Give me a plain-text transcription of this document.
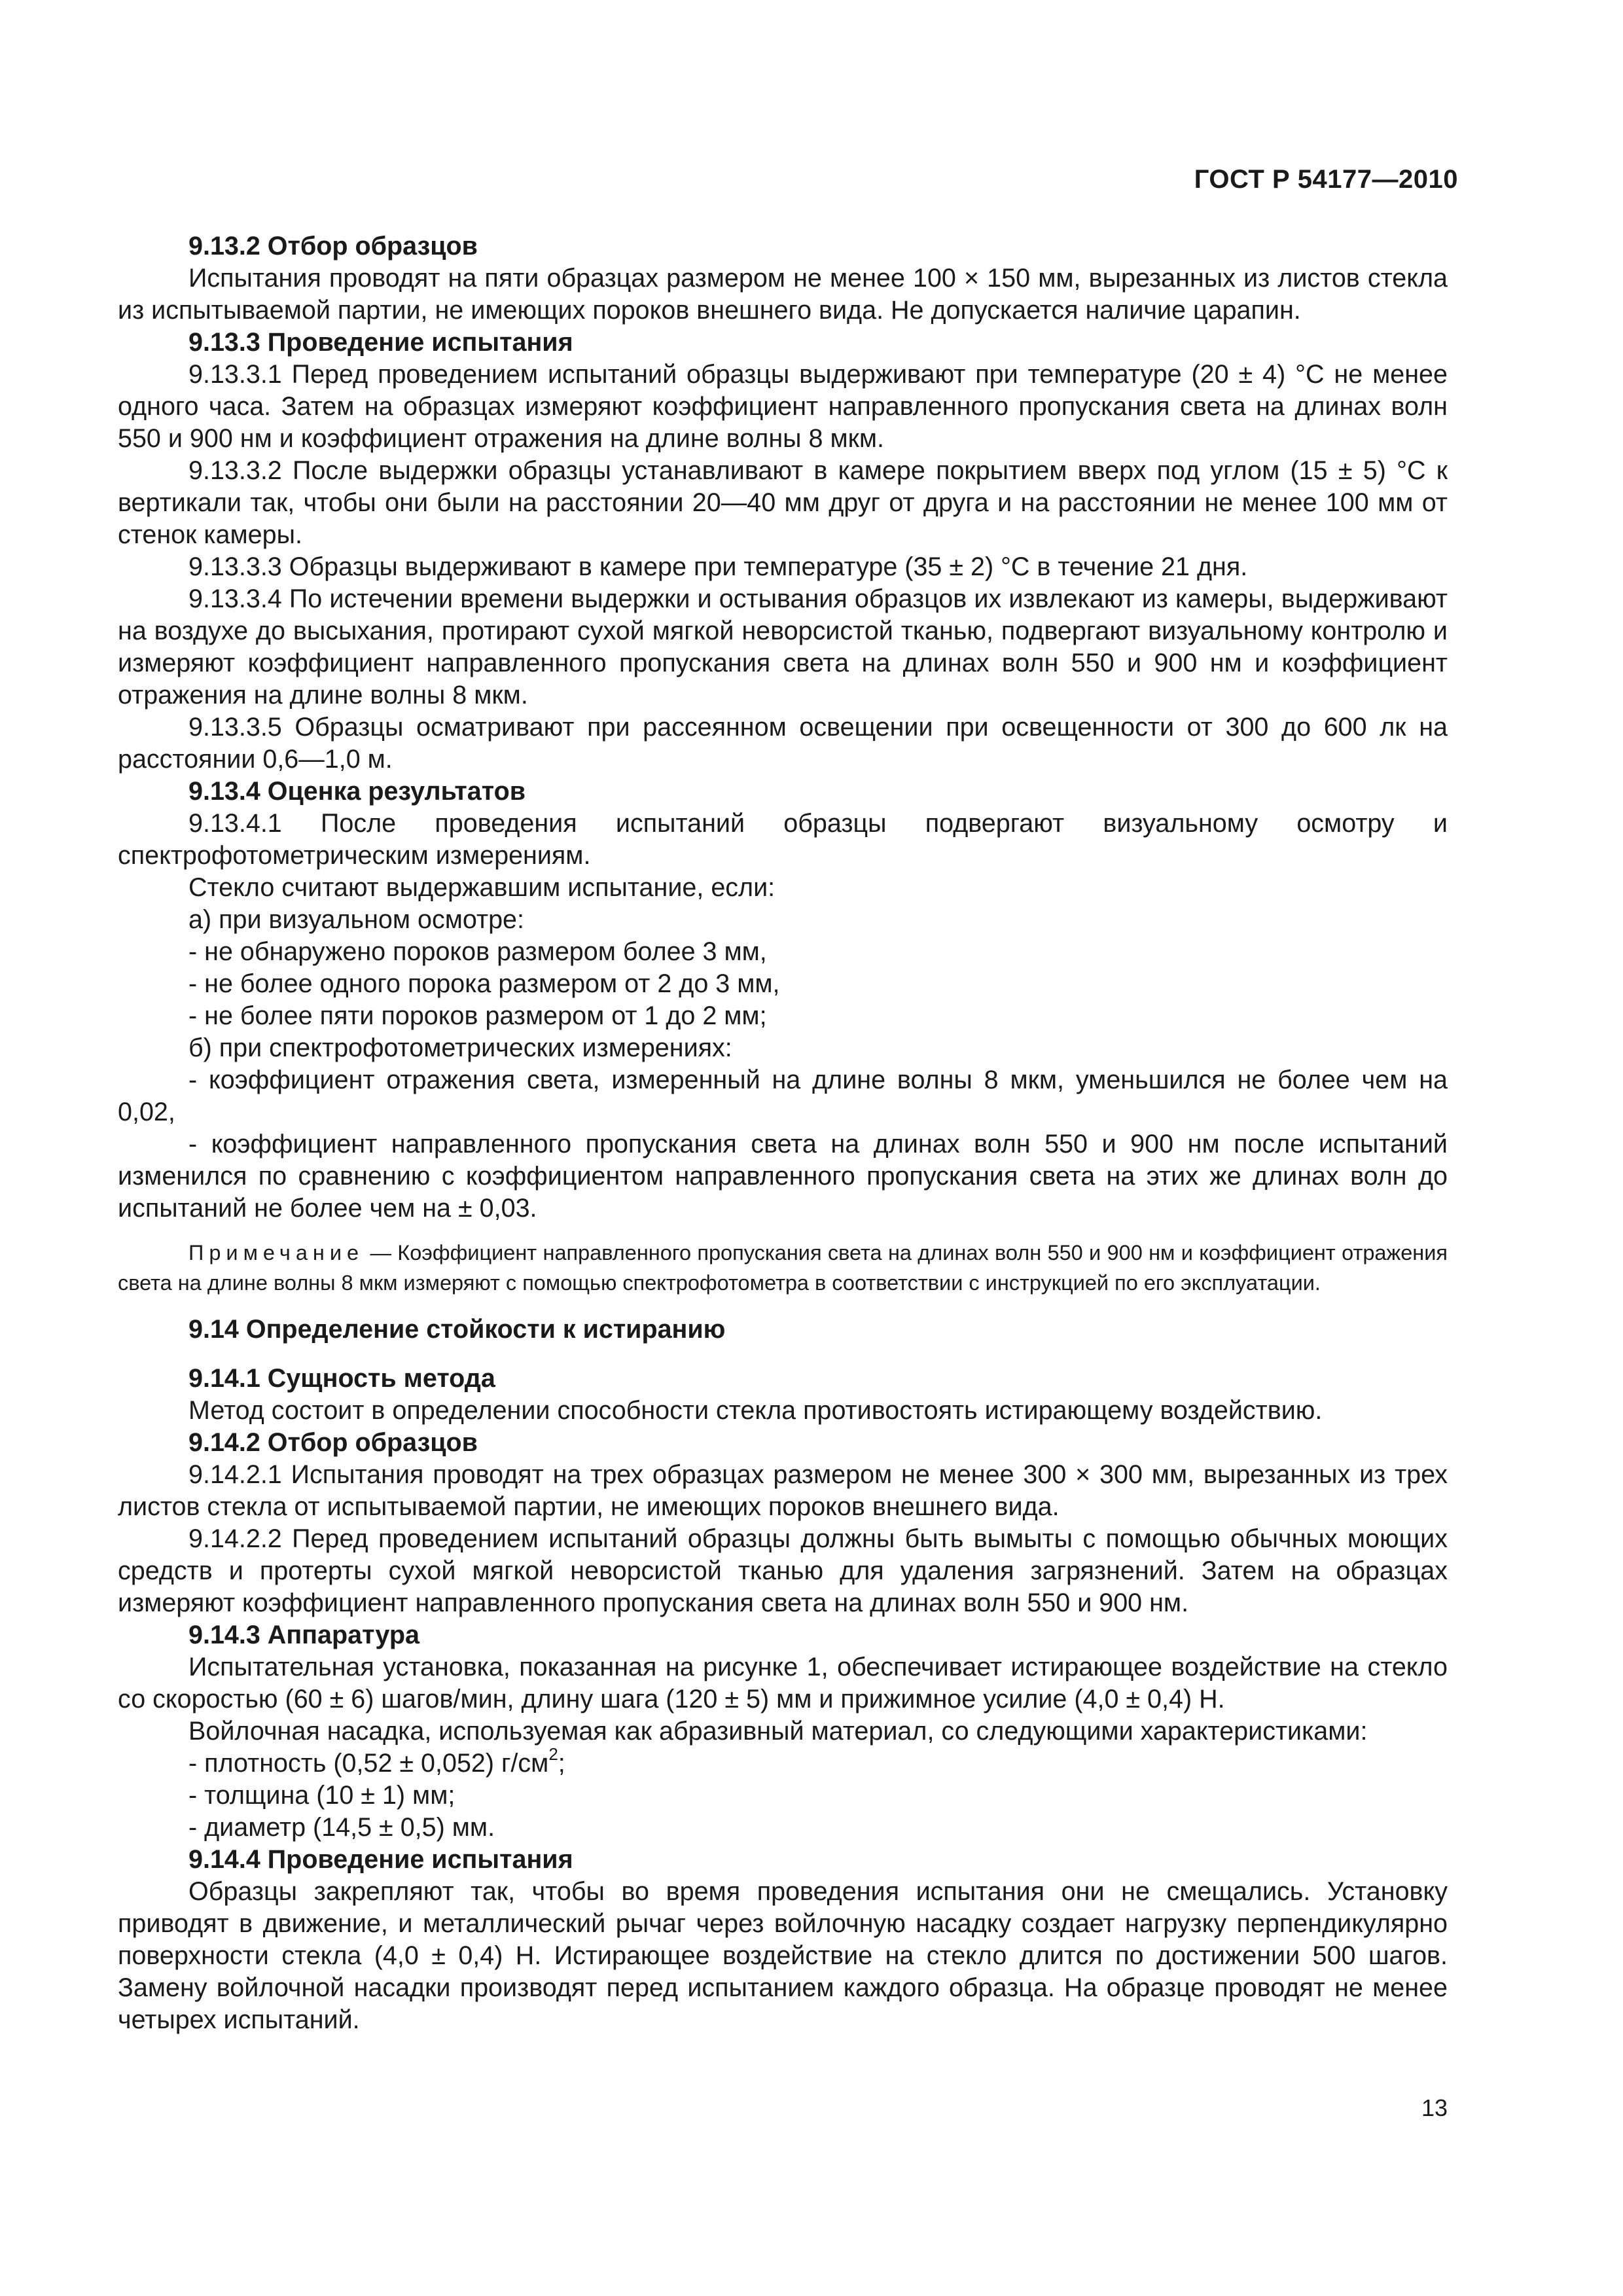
ГОСТ Р 54177—2010

9.13.2 Отбор образцов

Испытания проводят на пяти образцах размером не менее 100 × 150 мм, вырезанных из листов стекла из испытываемой партии, не имеющих пороков внешнего вида. Не допускается наличие царапин.

9.13.3 Проведение испытания

9.13.3.1 Перед проведением испытаний образцы выдерживают при температуре (20 ± 4) °С не менее одного часа. Затем на образцах измеряют коэффициент направленного пропускания света на длинах волн 550 и 900 нм и коэффициент отражения на длине волны 8 мкм.

9.13.3.2 После выдержки образцы устанавливают в камере покрытием вверх под углом (15 ± 5) °С к вертикали так, чтобы они были на расстоянии 20—40 мм друг от друга и на расстоянии не менее 100 мм от стенок камеры.

9.13.3.3 Образцы выдерживают в камере при температуре (35 ± 2) °С в течение 21 дня.

9.13.3.4 По истечении времени выдержки и остывания образцов их извлекают из камеры, выдерживают на воздухе до высыхания, протирают сухой мягкой неворсистой тканью, подвергают визуальному контролю и измеряют коэффициент направленного пропускания света на длинах волн 550 и 900 нм и коэффициент отражения на длине волны 8 мкм.

9.13.3.5 Образцы осматривают при рассеянном освещении при освещенности от 300 до 600 лк на расстоянии 0,6—1,0 м.

9.13.4 Оценка результатов

9.13.4.1 После проведения испытаний образцы подвергают визуальному осмотру и спектрофотометрическим измерениям.

Стекло считают выдержавшим испытание, если:

а) при визуальном осмотре:

- не обнаружено пороков размером более 3 мм,

- не более одного порока размером от 2 до 3 мм,

- не более пяти пороков размером от 1 до 2 мм;

б) при спектрофотометрических измерениях:

- коэффициент отражения света, измеренный на длине волны 8 мкм, уменьшился не более чем на 0,02,

- коэффициент направленного пропускания света на длинах волн 550 и 900 нм после испытаний изменился по сравнению с коэффициентом направленного пропускания света на этих же длинах волн до испытаний не более чем на ± 0,03.

Примечание — Коэффициент направленного пропускания света на длинах волн 550 и 900 нм и коэффициент отражения света на длине волны 8 мкм измеряют с помощью спектрофотометра в соответствии с инструкцией по его эксплуатации.

9.14 Определение стойкости к истиранию

9.14.1 Сущность метода

Метод состоит в определении способности стекла противостоять истирающему воздействию.

9.14.2 Отбор образцов

9.14.2.1 Испытания проводят на трех образцах размером не менее 300 × 300 мм, вырезанных из трех листов стекла от испытываемой партии, не имеющих пороков внешнего вида.

9.14.2.2 Перед проведением испытаний образцы должны быть вымыты с помощью обычных моющих средств и протерты сухой мягкой неворсистой тканью для удаления загрязнений. Затем на образцах измеряют коэффициент направленного пропускания света на длинах волн 550 и 900 нм.

9.14.3 Аппаратура

Испытательная установка, показанная на рисунке 1, обеспечивает истирающее воздействие на стекло со скоростью (60 ± 6) шагов/мин, длину шага (120 ± 5) мм и прижимное усилие (4,0 ± 0,4) Н.

Войлочная насадка, используемая как абразивный материал, со следующими характеристиками:

- плотность (0,52 ± 0,052) $г/см^2$;

- толщина (10 ± 1) мм;

- диаметр (14,5 ± 0,5) мм.

9.14.4 Проведение испытания

Образцы закрепляют так, чтобы во время проведения испытания они не смещались. Установку приводят в движение, и металлический рычаг через войлочную насадку создает нагрузку перпендикулярно поверхности стекла (4,0 ± 0,4) Н. Истирающее воздействие на стекло длится по достижении 500 шагов. Замену войлочной насадки производят перед испытанием каждого образца. На образце проводят не менее четырех испытаний.

13
